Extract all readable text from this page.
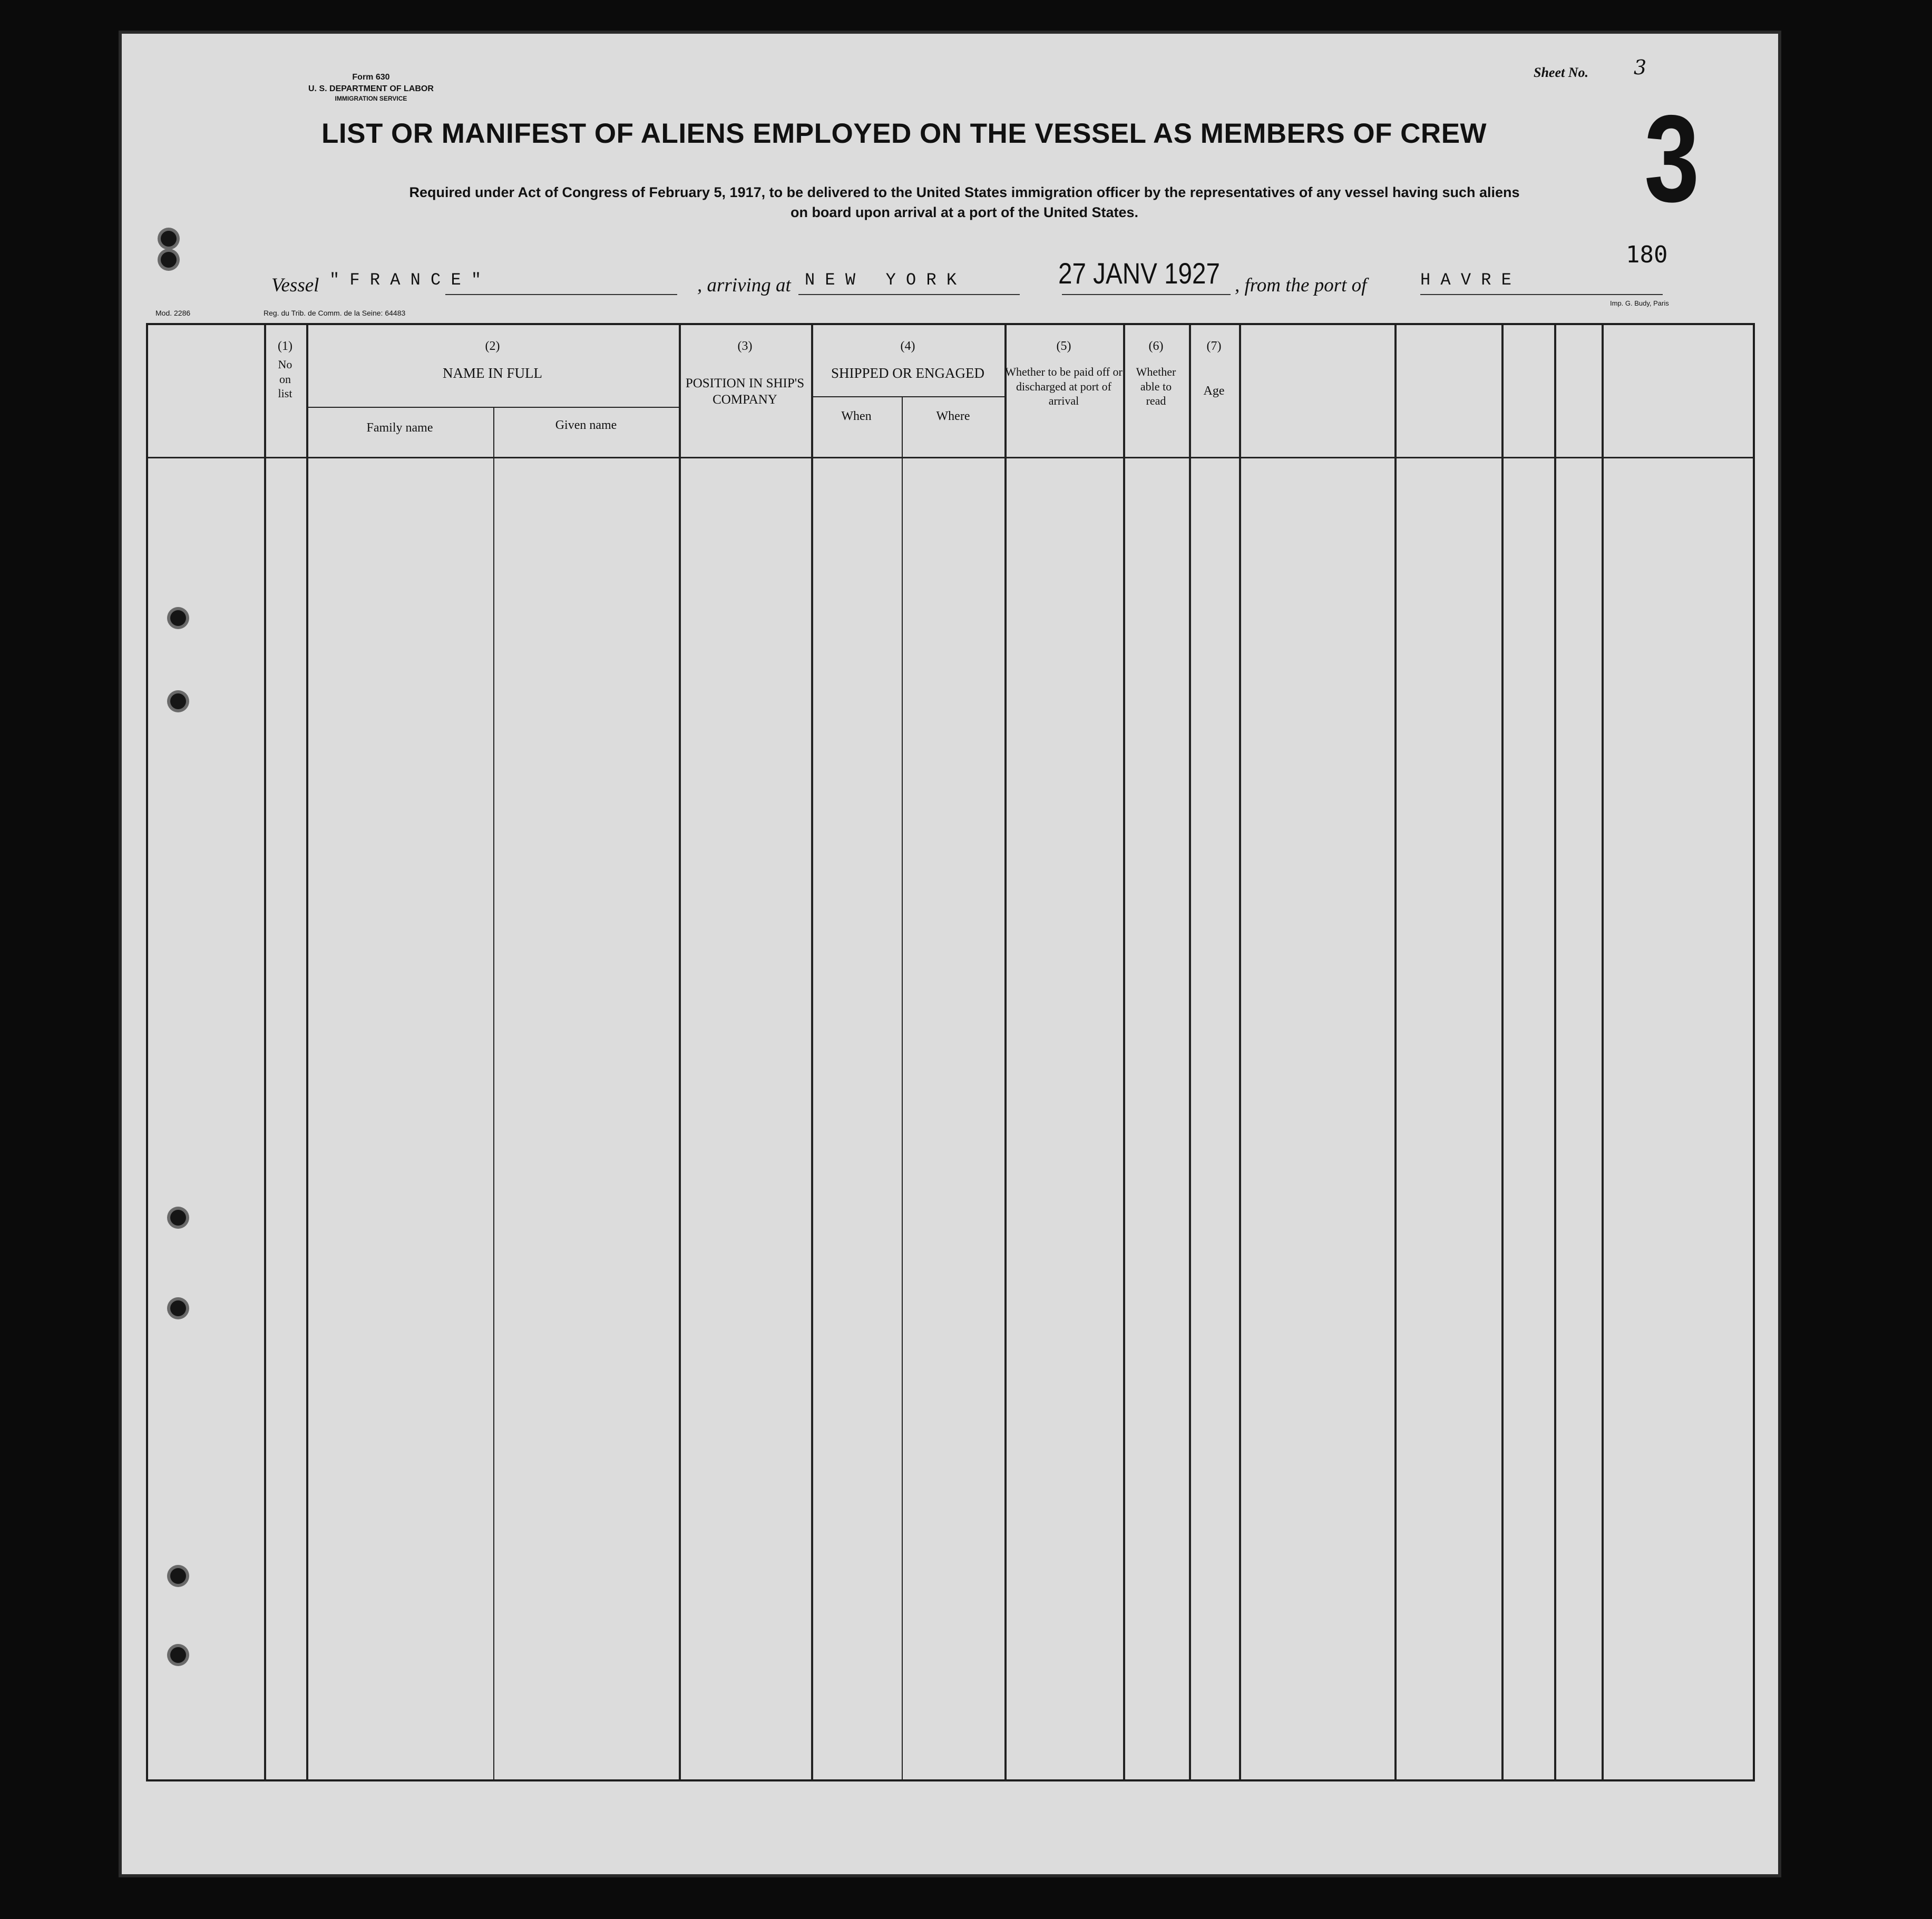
Form 630
U. S. DEPARTMENT OF LABOR
IMMIGRATION SERVICE
Sheet No. 3
3
LIST OR MANIFEST OF ALIENS EMPLOYED ON THE VESSEL AS MEMBERS OF CREW
Required under Act of Congress of February 5, 1917, to be delivered to the United States immigration officer by the representatives of any vessel having such aliens
on board upon arrival at a port of the United States.
180
Vessel " F R A N C E "	, arriving at N E W   Y O R K	27 JANV 1927 , from the port of	H A V R E
Mod. 2286	Reg. du Trib. de Comm. de la Seine: 64483
Imp. G. Budy, Paris
(1)
No on list
(2)
NAME IN FULL
Family name	Given name
(3)
POSITION IN SHIP'S COMPANY
(4)
SHIPPED OR ENGAGED
When	Where
(5)
Whether to be paid off or discharged at port of arrival
(6)
Whether able to read
(7)
Age
